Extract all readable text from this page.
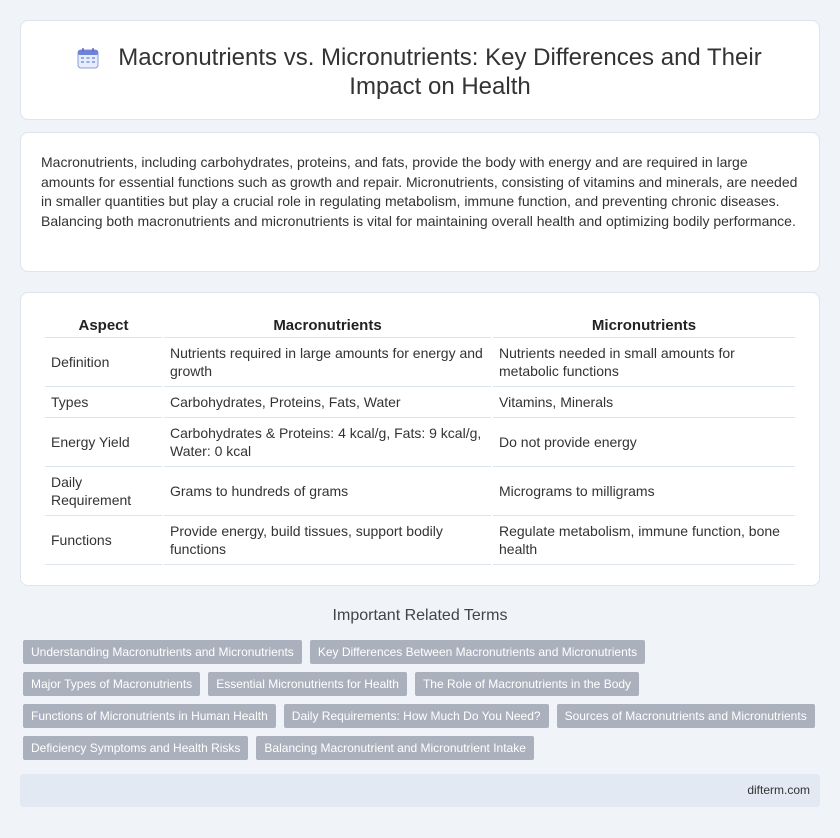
Macronutrients vs. Micronutrients: Key Differences and Their Impact on Health

Macronutrients, including carbohydrates, proteins, and fats, provide the body with energy and are required in large amounts for essential functions such as growth and repair. Micronutrients, consisting of vitamins and minerals, are needed in smaller quantities but play a crucial role in regulating metabolism, immune function, and preventing chronic diseases. Balancing both macronutrients and micronutrients is vital for maintaining overall health and optimizing bodily performance.

Aspect	Macronutrients	Micronutrients
Definition	Nutrients required in large amounts for energy and growth	Nutrients needed in small amounts for metabolic functions
Types	Carbohydrates, Proteins, Fats, Water	Vitamins, Minerals
Energy Yield	Carbohydrates & Proteins: 4 kcal/g, Fats: 9 kcal/g, Water: 0 kcal	Do not provide energy
Daily Requirement	Grams to hundreds of grams	Micrograms to milligrams
Functions	Provide energy, build tissues, support bodily functions	Regulate metabolism, immune function, bone health
Important Related Terms
Understanding Macronutrients and Micronutrients	Key Differences Between Macronutrients and Micronutrients
Major Types of Macronutrients	Essential Micronutrients for Health	The Role of Macronutrients in the Body
Functions of Micronutrients in Human Health	Daily Requirements: How Much Do You Need?	Sources of Macronutrients and Micronutrients
Deficiency Symptoms and Health Risks	Balancing Macronutrient and Micronutrient Intake
difterm.com
